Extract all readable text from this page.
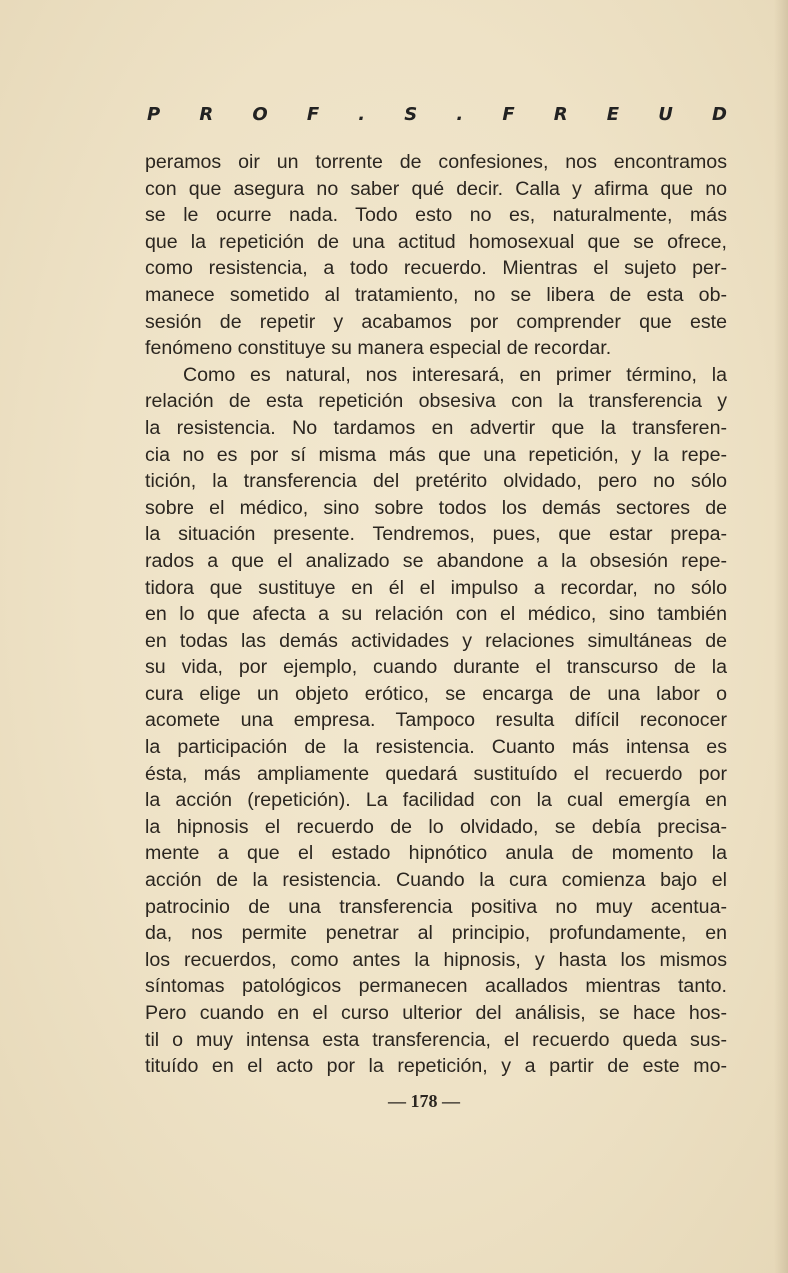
P R O F . S . F R E U D
peramos oir un torrente de confesiones, nos encontramos
con que asegura no saber qué decir. Calla y afirma que no
se le ocurre nada. Todo esto no es, naturalmente, más
que la repetición de una actitud homosexual que se ofrece,
como resistencia, a todo recuerdo. Mientras el sujeto per-
manece sometido al tratamiento, no se libera de esta ob-
sesión de repetir y acabamos por comprender que este
fenómeno constituye su manera especial de recordar.
Como es natural, nos interesará, en primer término, la
relación de esta repetición obsesiva con la transferencia y
la resistencia. No tardamos en advertir que la transferen-
cia no es por sí misma más que una repetición, y la repe-
tición, la transferencia del pretérito olvidado, pero no sólo
sobre el médico, sino sobre todos los demás sectores de
la situación presente. Tendremos, pues, que estar prepa-
rados a que el analizado se abandone a la obsesión repe-
tidora que sustituye en él el impulso a recordar, no sólo
en lo que afecta a su relación con el médico, sino también
en todas las demás actividades y relaciones simultáneas de
su vida, por ejemplo, cuando durante el transcurso de la
cura elige un objeto erótico, se encarga de una labor o
acomete una empresa. Tampoco resulta difícil reconocer
la participación de la resistencia. Cuanto más intensa es
ésta, más ampliamente quedará sustituído el recuerdo por
la acción (repetición). La facilidad con la cual emergía en
la hipnosis el recuerdo de lo olvidado, se debía precisa-
mente a que el estado hipnótico anula de momento la
acción de la resistencia. Cuando la cura comienza bajo el
patrocinio de una transferencia positiva no muy acentua-
da, nos permite penetrar al principio, profundamente, en
los recuerdos, como antes la hipnosis, y hasta los mismos
síntomas patológicos permanecen acallados mientras tanto.
Pero cuando en el curso ulterior del análisis, se hace hos-
til o muy intensa esta transferencia, el recuerdo queda sus-
tituído en el acto por la repetición, y a partir de este mo-
— 178 —
